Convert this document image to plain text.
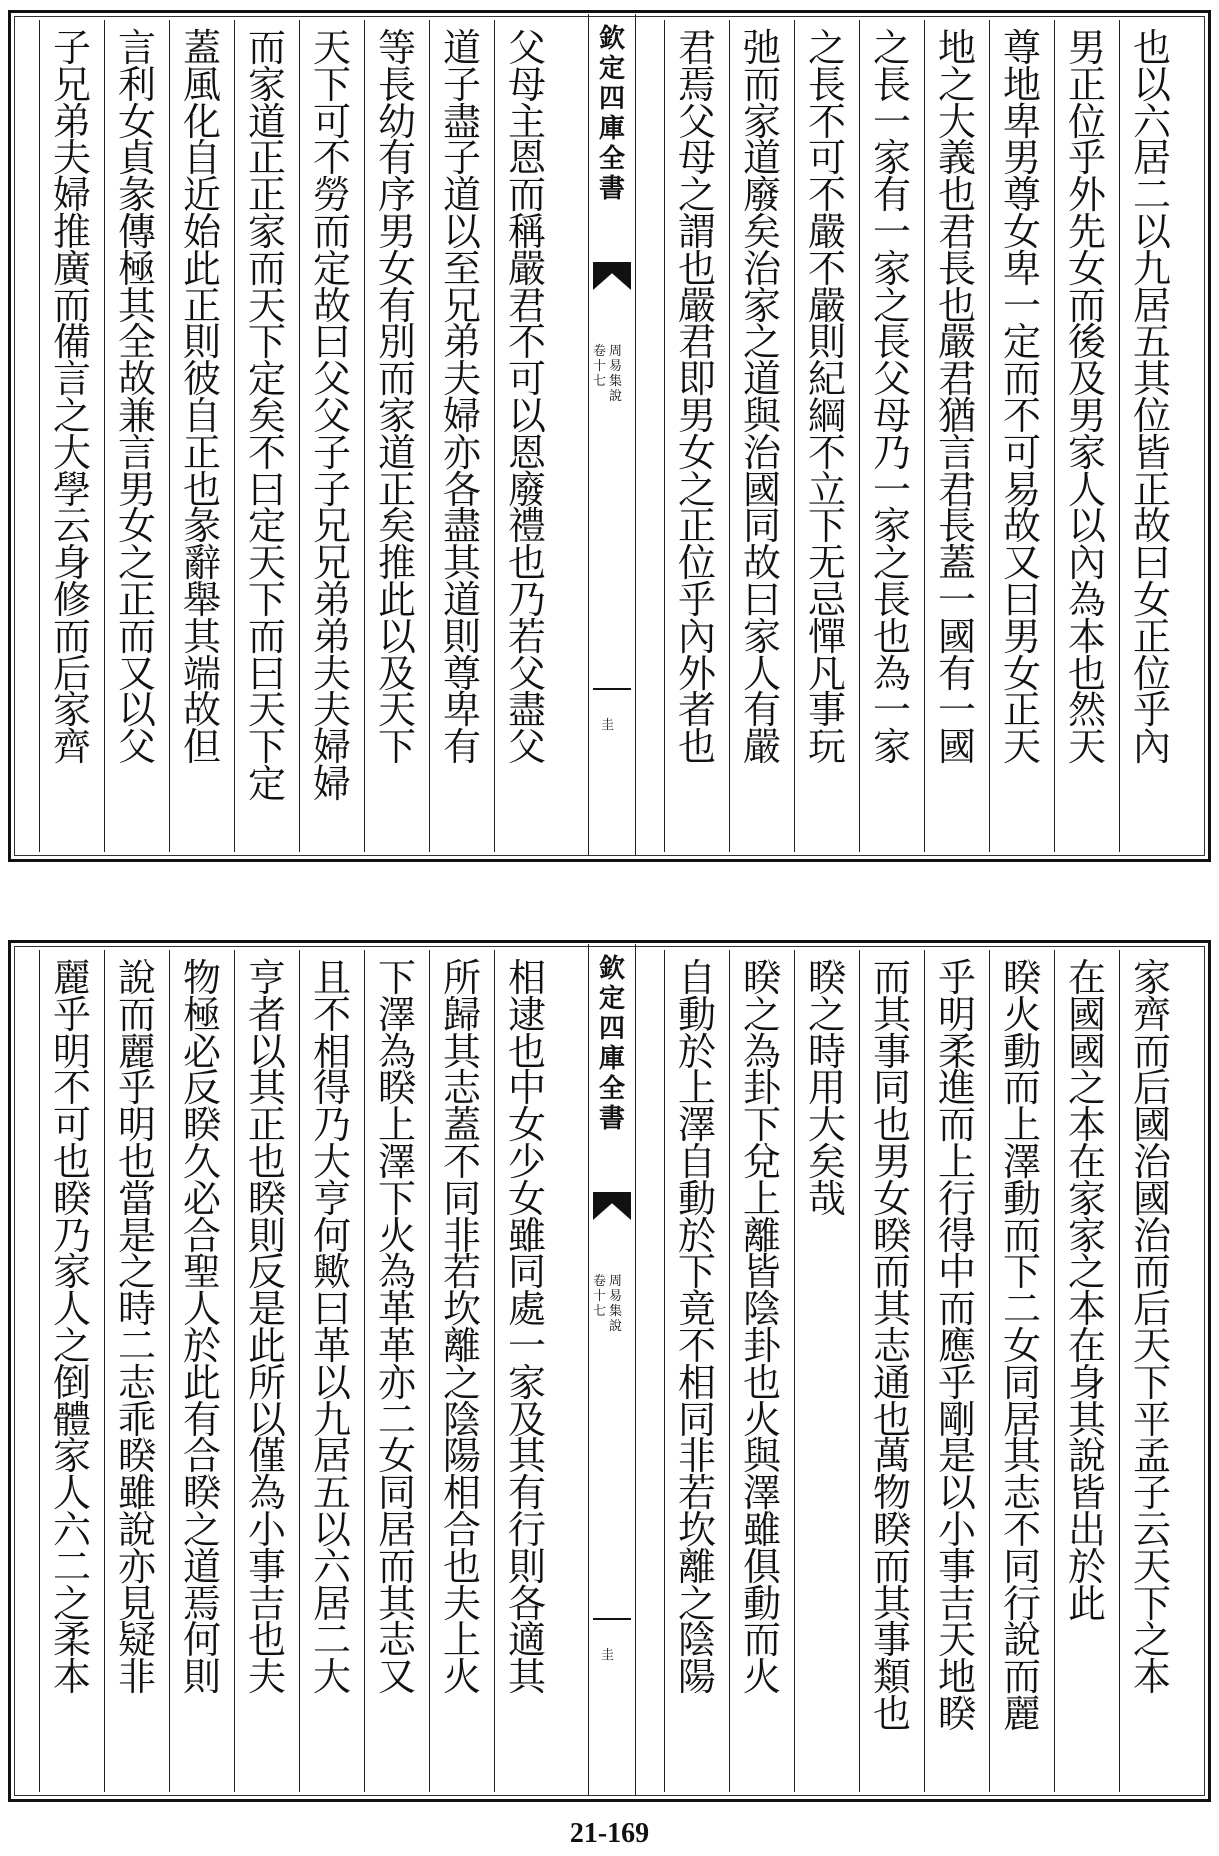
也
以
六
居
二
以
九
居
五
其
位
皆
正
故
曰
女
正
位
乎
內
男
正
位
乎
外
先
女
而
後
及
男
家
人
以
內
為
本
也
然
天
尊
地
卑
男
尊
女
卑
一
定
而
不
可
易
故
又
曰
男
女
正
天
地
之
大
義
也
君
長
也
嚴
君
猶
言
君
長
蓋
一
國
有
一
國
之
長
一
家
有
一
家
之
長
父
母
乃
一
家
之
長
也
為
一
家
之
長
不
可
不
嚴
不
嚴
則
紀
綱
不
立
下
无
忌
憚
凡
事
玩
弛
而
家
道
廢
矣
治
家
之
道
與
治
國
同
故
曰
家
人
有
嚴
君
焉
父
母
之
謂
也
嚴
君
即
男
女
之
正
位
乎
內
外
者
也
父
母
主
恩
而
稱
嚴
君
不
可
以
恩
廢
禮
也
乃
若
父
盡
父
道
子
盡
子
道
以
至
兄
弟
夫
婦
亦
各
盡
其
道
則
尊
卑
有
等
長
幼
有
序
男
女
有
別
而
家
道
正
矣
推
此
以
及
天
下
天
下
可
不
勞
而
定
故
曰
父
父
子
子
兄
兄
弟
弟
夫
夫
婦
婦
而
家
道
正
正
家
而
天
下
定
矣
不
曰
定
天
下
而
曰
天
下
定
蓋
風
化
自
近
始
此
正
則
彼
自
正
也
彖
辭
舉
其
端
故
但
言
利
女
貞
彖
傳
極
其
全
故
兼
言
男
女
之
正
而
又
以
父
子
兄
弟
夫
婦
推
廣
而
備
言
之
大
學
云
身
修
而
后
家
齊
欽
定
四
庫
全
書
周
易
集
說
卷
十
七
圭
家
齊
而
后
國
治
國
治
而
后
天
下
平
孟
子
云
天
下
之
本
在
國
國
之
本
在
家
家
之
本
在
身
其
說
皆
出
於
此
睽
火
動
而
上
澤
動
而
下
二
女
同
居
其
志
不
同
行
說
而
麗
乎
明
柔
進
而
上
行
得
中
而
應
乎
剛
是
以
小
事
吉
天
地
睽
而
其
事
同
也
男
女
睽
而
其
志
通
也
萬
物
睽
而
其
事
類
也
睽
之
時
用
大
矣
哉
睽
之
為
卦
下
兌
上
離
皆
陰
卦
也
火
與
澤
雖
俱
動
而
火
自
動
於
上
澤
自
動
於
下
竟
不
相
同
非
若
坎
離
之
陰
陽
相
逮
也
中
女
少
女
雖
同
處
一
家
及
其
有
行
則
各
適
其
所
歸
其
志
蓋
不
同
非
若
坎
離
之
陰
陽
相
合
也
夫
上
火
下
澤
為
睽
上
澤
下
火
為
革
革
亦
二
女
同
居
而
其
志
又
且
不
相
得
乃
大
亨
何
歟
曰
革
以
九
居
五
以
六
居
二
大
亨
者
以
其
正
也
睽
則
反
是
此
所
以
僅
為
小
事
吉
也
夫
物
極
必
反
睽
久
必
合
聖
人
於
此
有
合
睽
之
道
焉
何
則
說
而
麗
乎
明
也
當
是
之
時
二
志
乖
睽
雖
說
亦
見
疑
非
麗
乎
明
不
可
也
睽
乃
家
人
之
倒
體
家
人
六
二
之
柔
本
欽
定
四
庫
全
書
周
易
集
說
卷
十
七
圭
21-169
